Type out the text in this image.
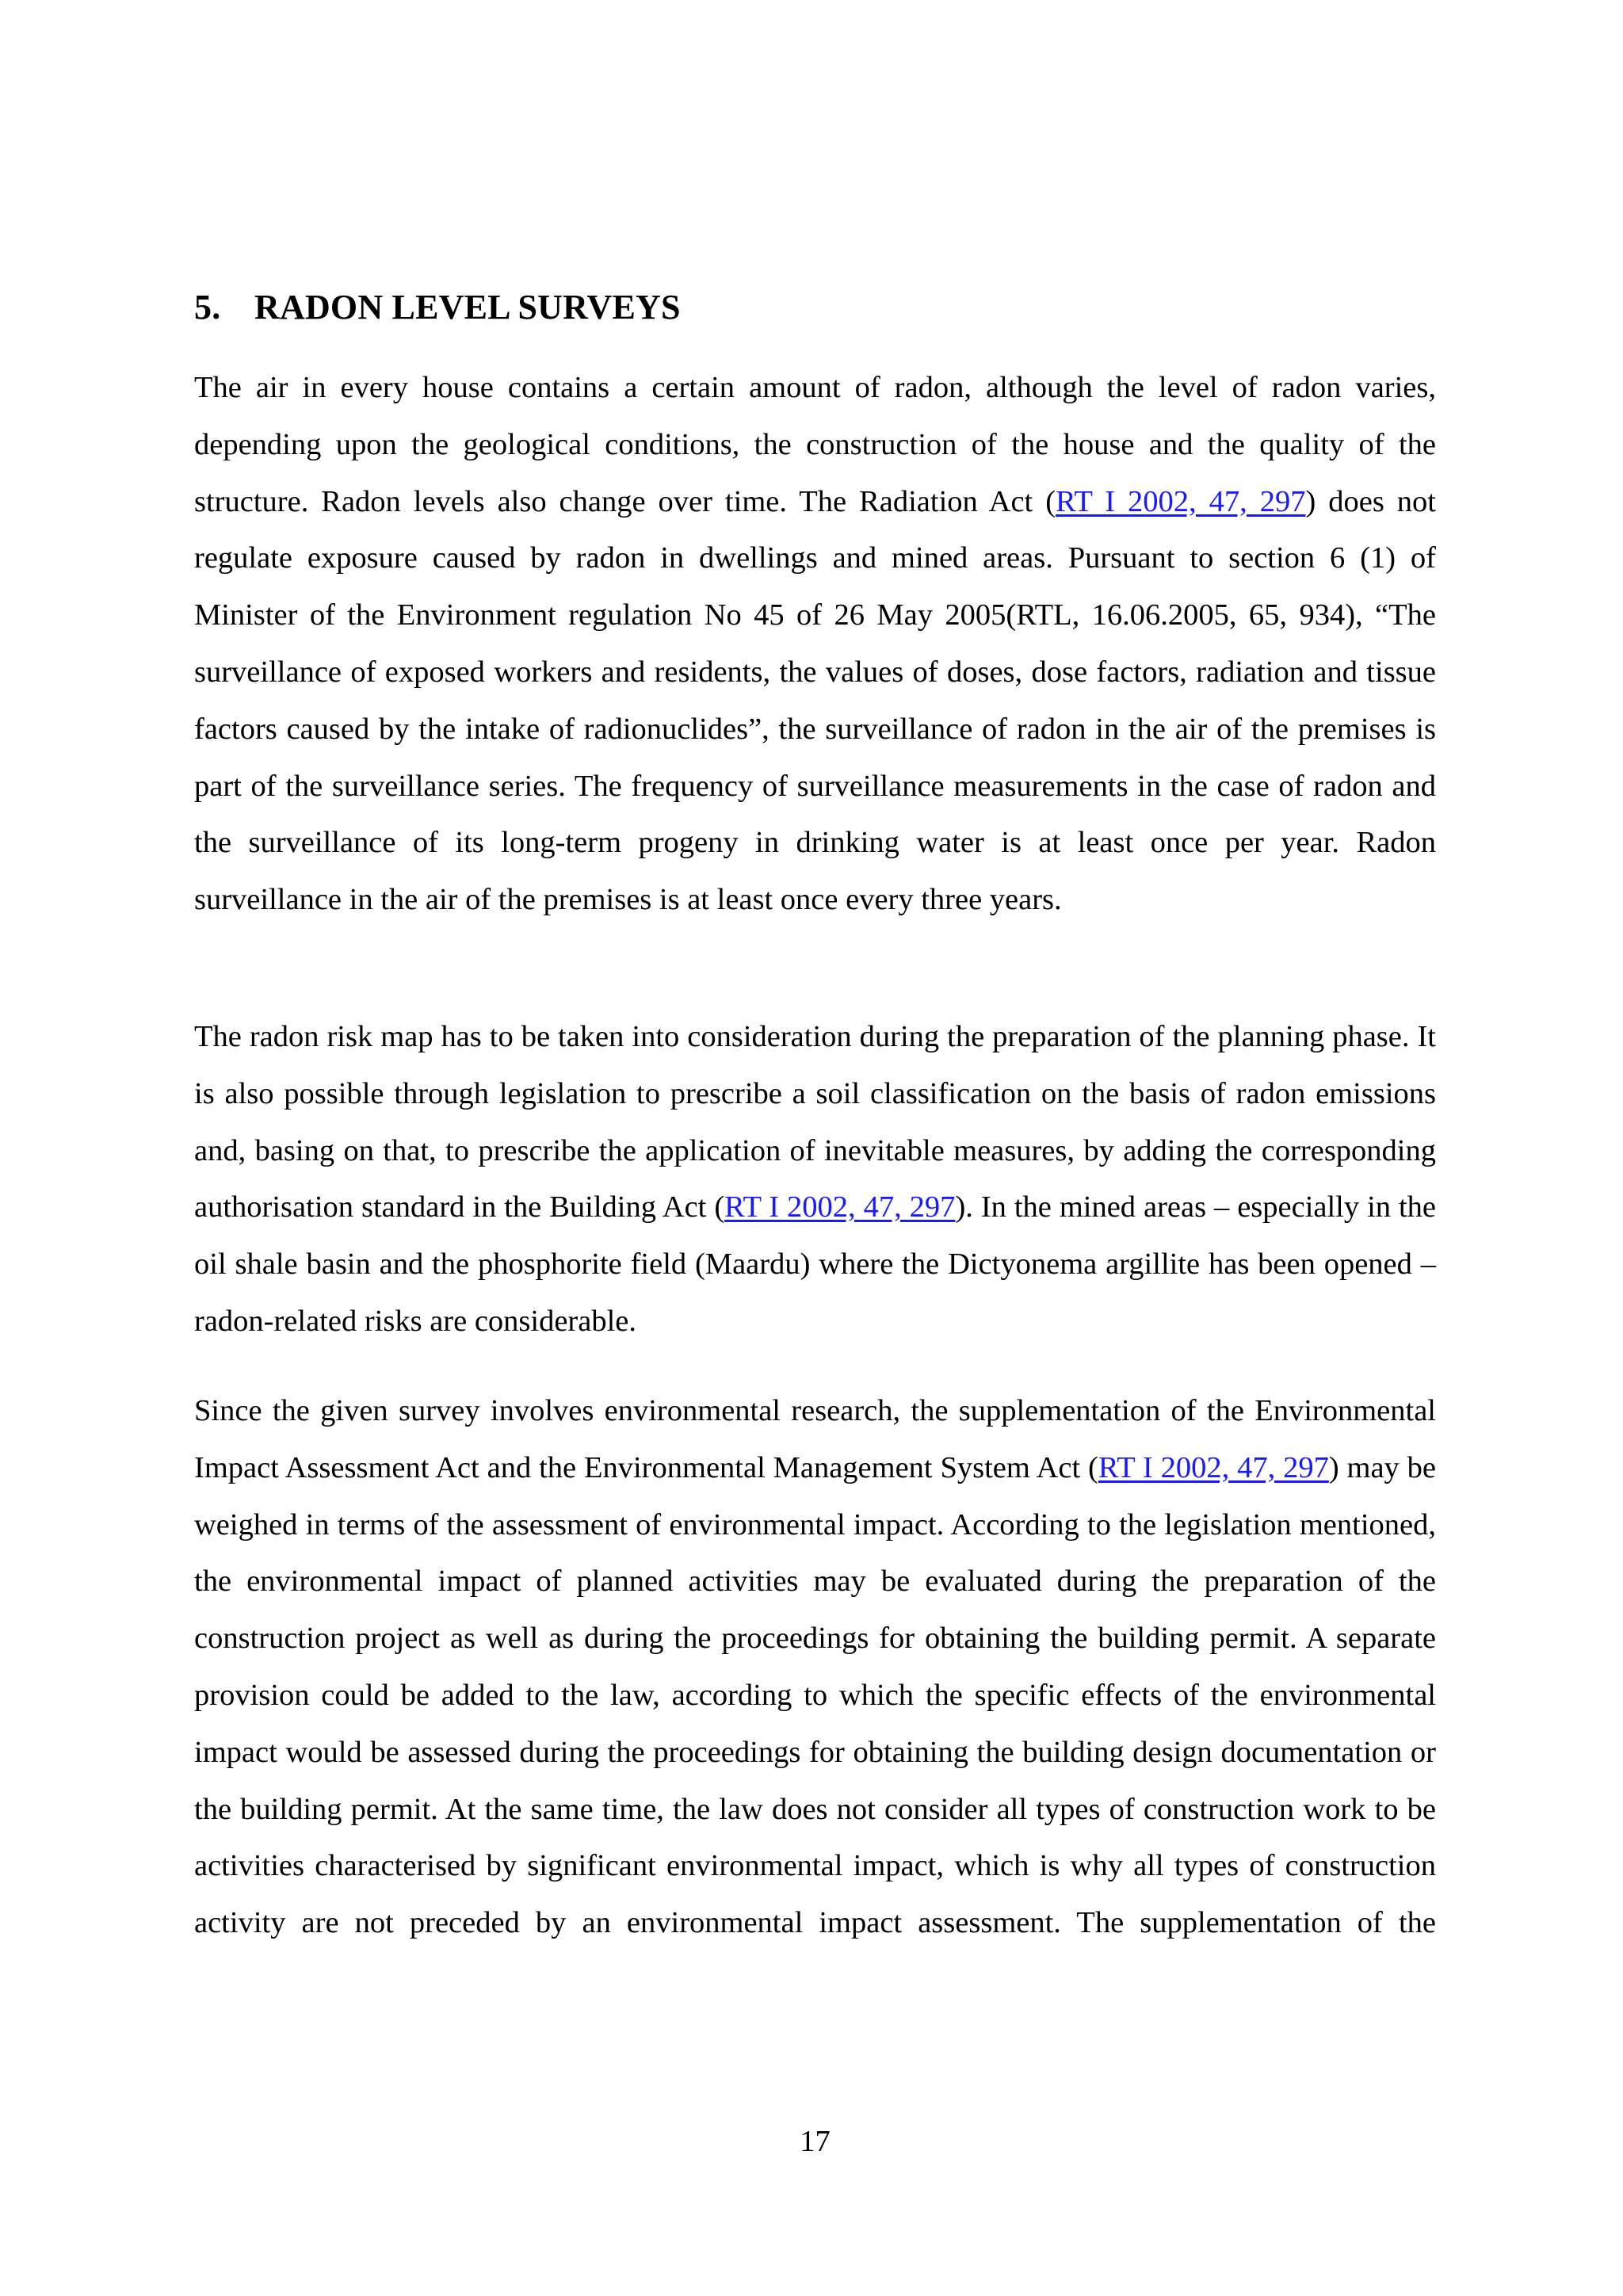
5. RADON LEVEL SURVEYS

The air in every house contains a certain amount of radon, although the level of radon varies, depending upon the geological conditions, the construction of the house and the quality of the structure. Radon levels also change over time. The Radiation Act (RT I 2002, 47, 297) does not regulate exposure caused by radon in dwellings and mined areas. Pursuant to section 6 (1) of Minister of the Environment regulation No 45 of 26 May 2005(RTL, 16.06.2005, 65, 934), “The surveillance of exposed workers and residents, the values of doses, dose factors, radiation and tissue factors caused by the intake of radionuclides”, the surveillance of radon in the air of the premises is part of the surveillance series. The frequency of surveillance measurements in the case of radon and the surveillance of its long-term progeny in drinking water is at least once per year. Radon surveillance in the air of the premises is at least once every three years.

The radon risk map has to be taken into consideration during the preparation of the planning phase. It is also possible through legislation to prescribe a soil classification on the basis of radon emissions and, basing on that, to prescribe the application of inevitable measures, by adding the corresponding authorisation standard in the Building Act (RT I 2002, 47, 297). In the mined areas – especially in the oil shale basin and the phosphorite field (Maardu) where the Dictyonema argillite has been opened – radon-related risks are considerable.

Since the given survey involves environmental research, the supplementation of the Environmental Impact Assessment Act and the Environmental Management System Act (RT I 2002, 47, 297) may be weighed in terms of the assessment of environmental impact. According to the legislation mentioned, the environmental impact of planned activities may be evaluated during the preparation of the construction project as well as during the proceedings for obtaining the building permit. A separate provision could be added to the law, according to which the specific effects of the environmental impact would be assessed during the proceedings for obtaining the building design documentation or the building permit. At the same time, the law does not consider all types of construction work to be activities characterised by significant environmental impact, which is why all types of construction activity are not preceded by an environmental impact assessment. The supplementation of the

17
